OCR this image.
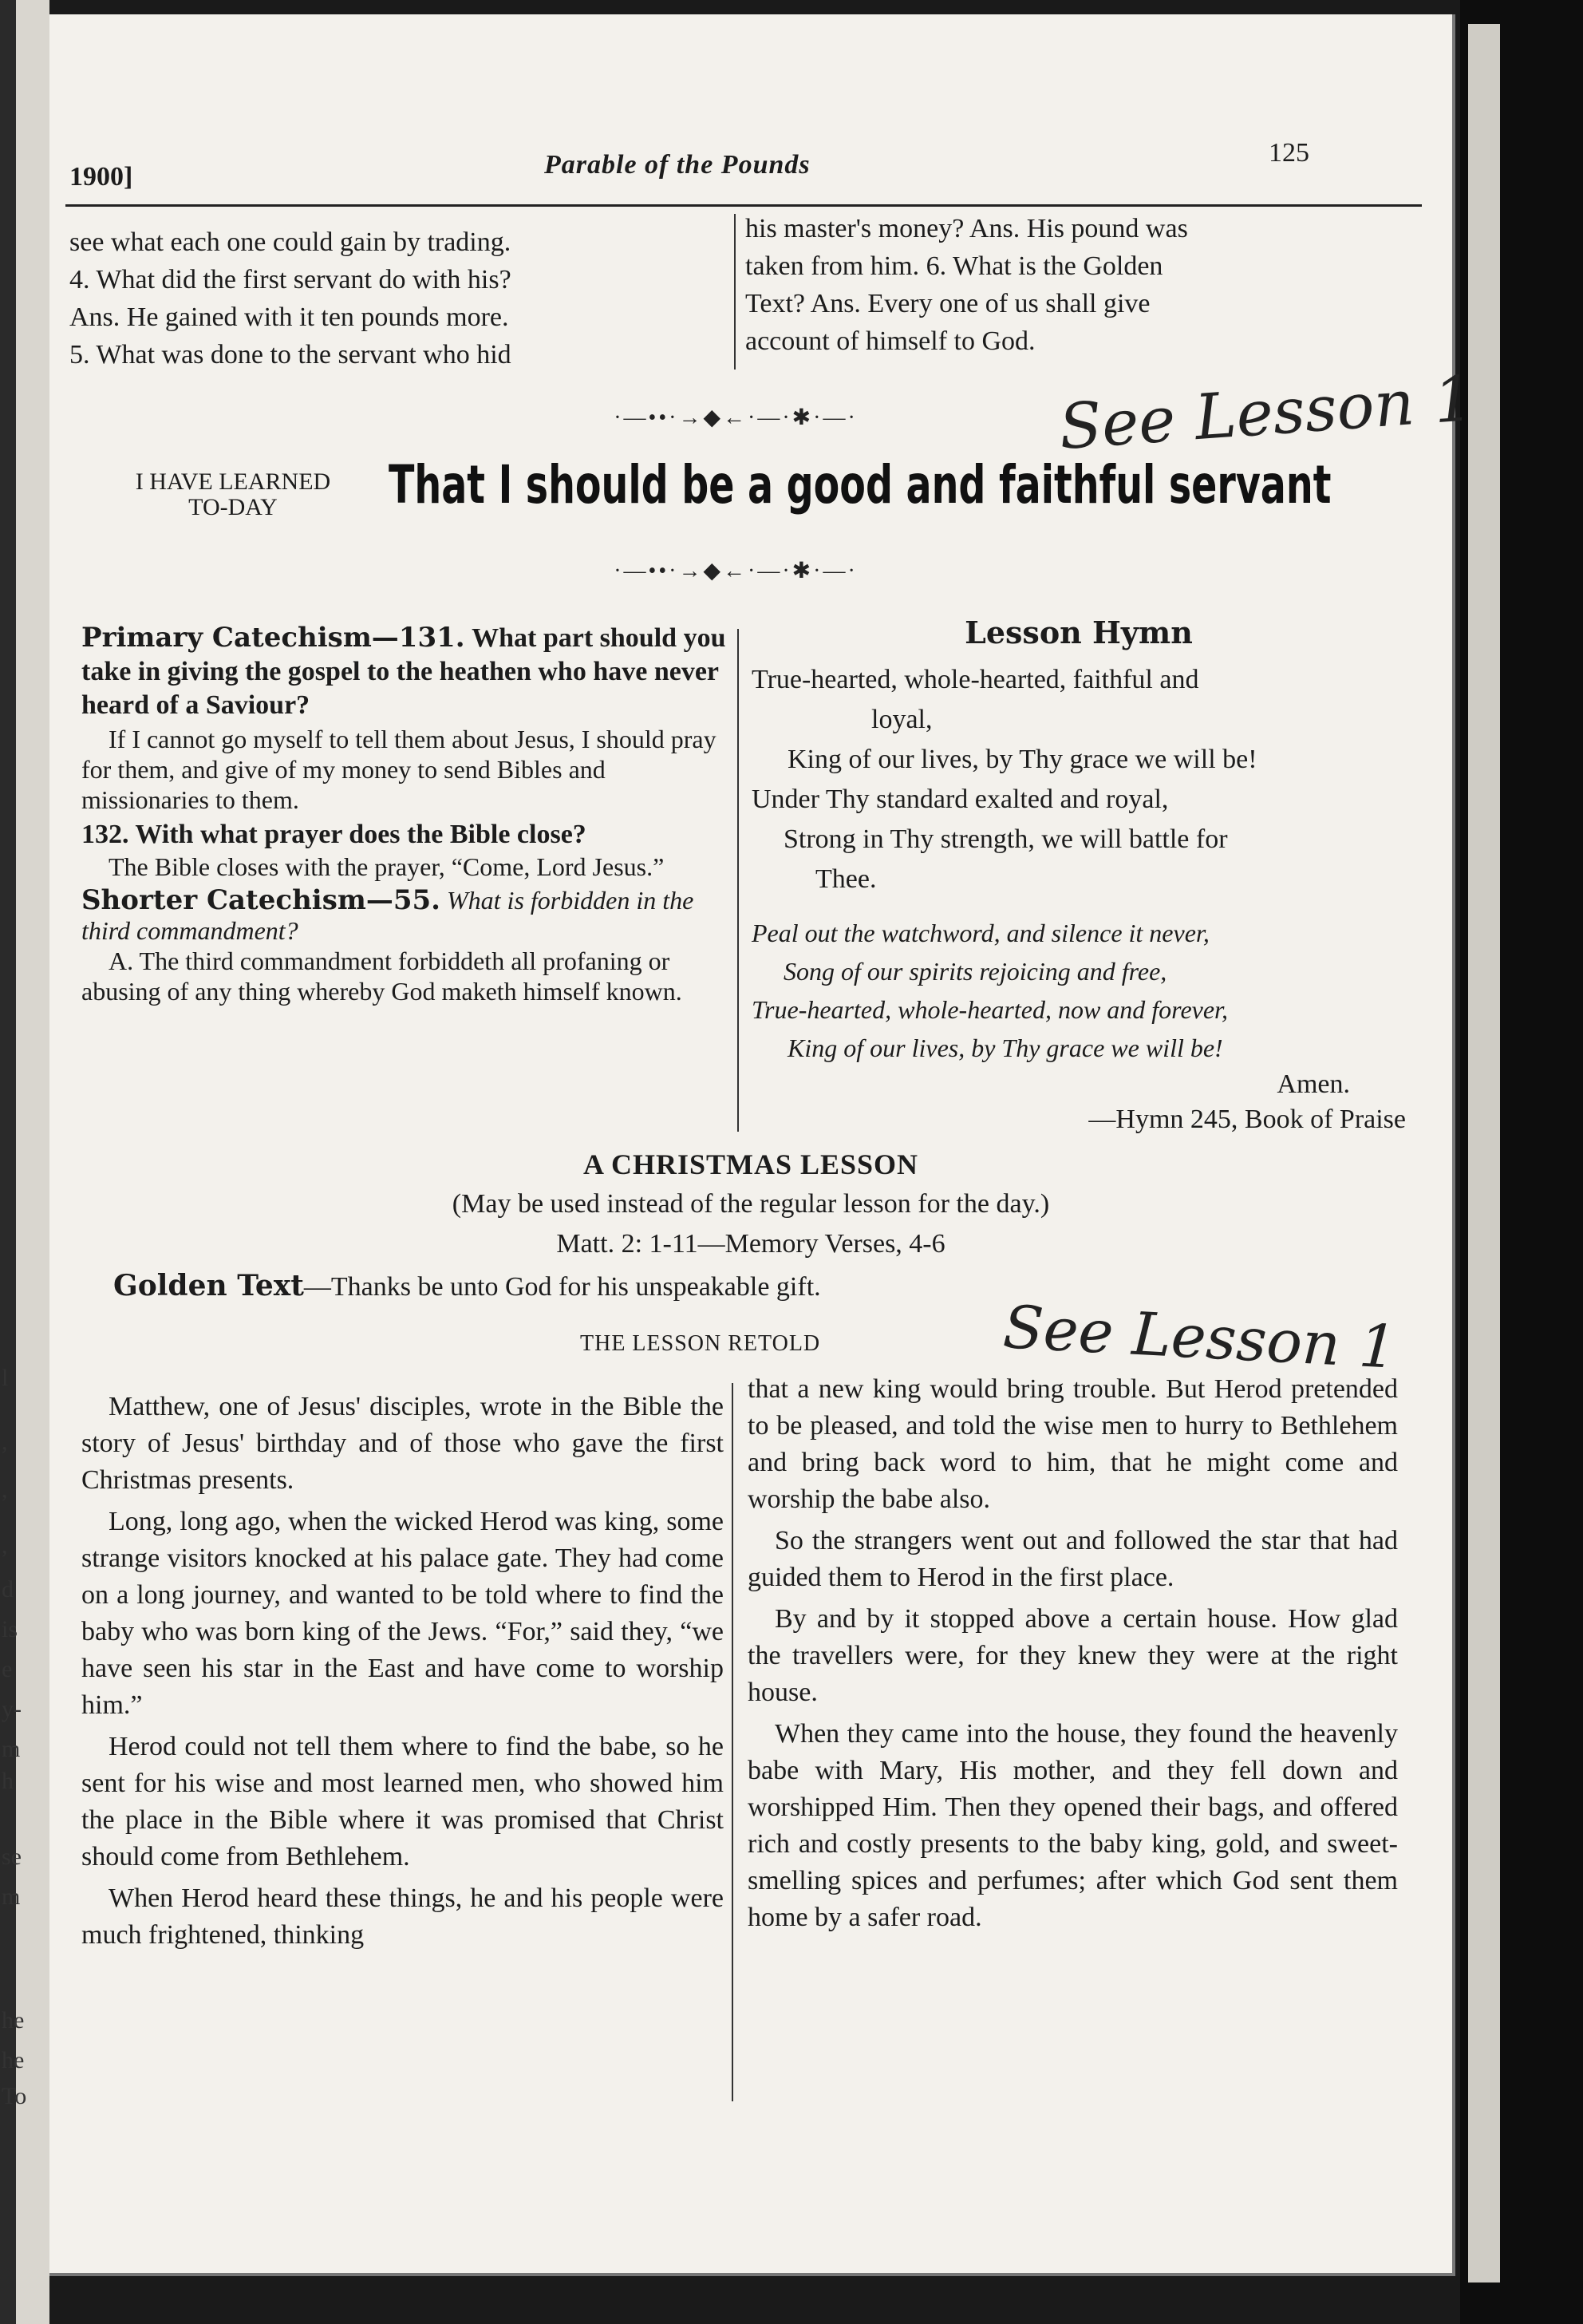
l
,
,
,
d
is
e
y-
m
h
se
m
he
he
To
1900]	Parable of the Pounds	125
see what each one could gain by trading.
4. What did the first servant do with his?
Ans. He gained with it ten pounds more.
5. What was done to the servant who hid
his master's money? Ans. His pound was
taken from him. 6. What is the Golden
Text? Ans. Every one of us shall give
account of himself to God.
·—••·→◆←·—·✱·—·	See Lesson 1
I HAVE LEARNED
TO-DAY	That I should be a good and faithful servant
·—••·→◆←·—·✱·—·
Primary Catechism—131. What part should you take in giving the gospel to the heathen who have never heard of a Saviour?
If I cannot go myself to tell them about Jesus, I should pray for them, and give of my money to send Bibles and missionaries to them.
132. With what prayer does the Bible close?
The Bible closes with the prayer, “Come, Lord Jesus.”
Shorter Catechism—55. What is forbidden in the third commandment?
A. The third commandment forbiddeth all profaning or abusing of any thing whereby God maketh himself known.
Lesson Hymn
True-hearted, whole-hearted, faithful and
loyal,
King of our lives, by Thy grace we will be!
Under Thy standard exalted and royal,
Strong in Thy strength, we will battle for
Thee.
Peal out the watchword, and silence it never,
Song of our spirits rejoicing and free,
True-hearted, whole-hearted, now and forever,
King of our lives, by Thy grace we will be!
Amen.
—Hymn 245, Book of Praise
A CHRISTMAS LESSON
(May be used instead of the regular lesson for the day.)
Matt. 2: 1-11—Memory Verses, 4-6
Golden Text—Thanks be unto God for his unspeakable gift.
THE LESSON RETOLD	See Lesson 1

Matthew, one of Jesus' disciples, wrote in the Bible the story of Jesus' birthday and of those who gave the first Christmas presents.

Long, long ago, when the wicked Herod was king, some strange visitors knocked at his palace gate. They had come on a long journey, and wanted to be told where to find the baby who was born king of the Jews. “For,” said they, “we have seen his star in the East and have come to worship him.”

Herod could not tell them where to find the babe, so he sent for his wise and most learned men, who showed him the place in the Bible where it was promised that Christ should come from Bethlehem.

When Herod heard these things, he and his people were much frightened, thinking

that a new king would bring trouble. But Herod pretended to be pleased, and told the wise men to hurry to Bethlehem and bring back word to him, that he might come and worship the babe also.

So the strangers went out and followed the star that had guided them to Herod in the first place.

By and by it stopped above a certain house. How glad the travellers were, for they knew they were at the right house.

When they came into the house, they found the heavenly babe with Mary, His mother, and they fell down and worshipped Him. Then they opened their bags, and offered rich and costly presents to the baby king, gold, and sweet-smelling spices and perfumes; after which God sent them home by a safer road.
